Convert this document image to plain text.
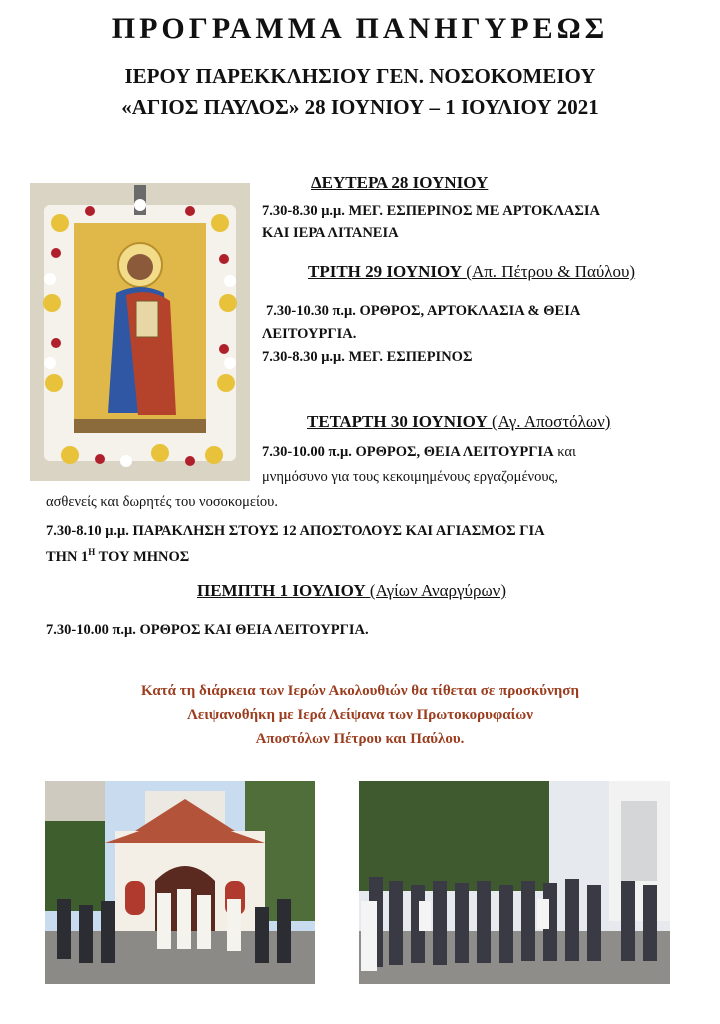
ΠΡΟΓΡΑΜΜΑ ΠΑΝΗΓΥΡΕΩΣ
ΙΕΡΟΥ ΠΑΡΕΚΚΛΗΣΙΟΥ ΓΕΝ. ΝΟΣΟΚΟΜΕΙΟΥ
«ΑΓΙΟΣ ΠΑΥΛΟΣ» 28 ΙΟΥΝΙΟΥ – 1 ΙΟΥΛΙΟΥ 2021
ΔΕΥΤΕΡΑ 28 ΙΟΥΝΙΟΥ
7.30-8.30 μ.μ. ΜΕΓ. ΕΣΠΕΡΙΝΟΣ ΜΕ ΑΡΤΟΚΛΑΣΙΑ
ΚΑΙ ΙΕΡΑ ΛΙΤΑΝΕΙΑ
ΤΡΙΤΗ 29 ΙΟΥΝΙΟΥ (Απ. Πέτρου & Παύλου)
7.30-10.30 π.μ. ΟΡΘΡΟΣ, ΑΡΤΟΚΛΑΣΙΑ & ΘΕΙΑ
ΛΕΙΤΟΥΡΓΙΑ.
7.30-8.30 μ.μ. ΜΕΓ. ΕΣΠΕΡΙΝΟΣ
ΤΕΤΑΡΤΗ 30 ΙΟΥΝΙΟΥ (Αγ. Αποστόλων)
7.30-10.00 π.μ. ΟΡΘΡΟΣ, ΘΕΙΑ ΛΕΙΤΟΥΡΓΙΑ και
μνημόσυνο για τους κεκοιμημένους εργαζομένους,
ασθενείς και δωρητές του νοσοκομείου.
7.30-8.10 μ.μ. ΠΑΡΑΚΛΗΣΗ ΣΤΟΥΣ 12 ΑΠΟΣΤΟΛΟΥΣ ΚΑΙ ΑΓΙΑΣΜΟΣ ΓΙΑ
ΤΗΝ $1^H$ ΤΟΥ ΜΗΝΟΣ
ΠΕΜΠΤΗ 1 ΙΟΥΛΙΟΥ (Αγίων Αναργύρων)
7.30-10.00 π.μ. ΟΡΘΡΟΣ ΚΑΙ ΘΕΙΑ ΛΕΙΤΟΥΡΓΙΑ.
Κατά τη διάρκεια των Ιερών Ακολουθιών θα τίθεται σε προσκύνηση
Λειψανοθήκη με Ιερά Λείψανα των Πρωτοκορυφαίων
Αποστόλων Πέτρου και Παύλου.
